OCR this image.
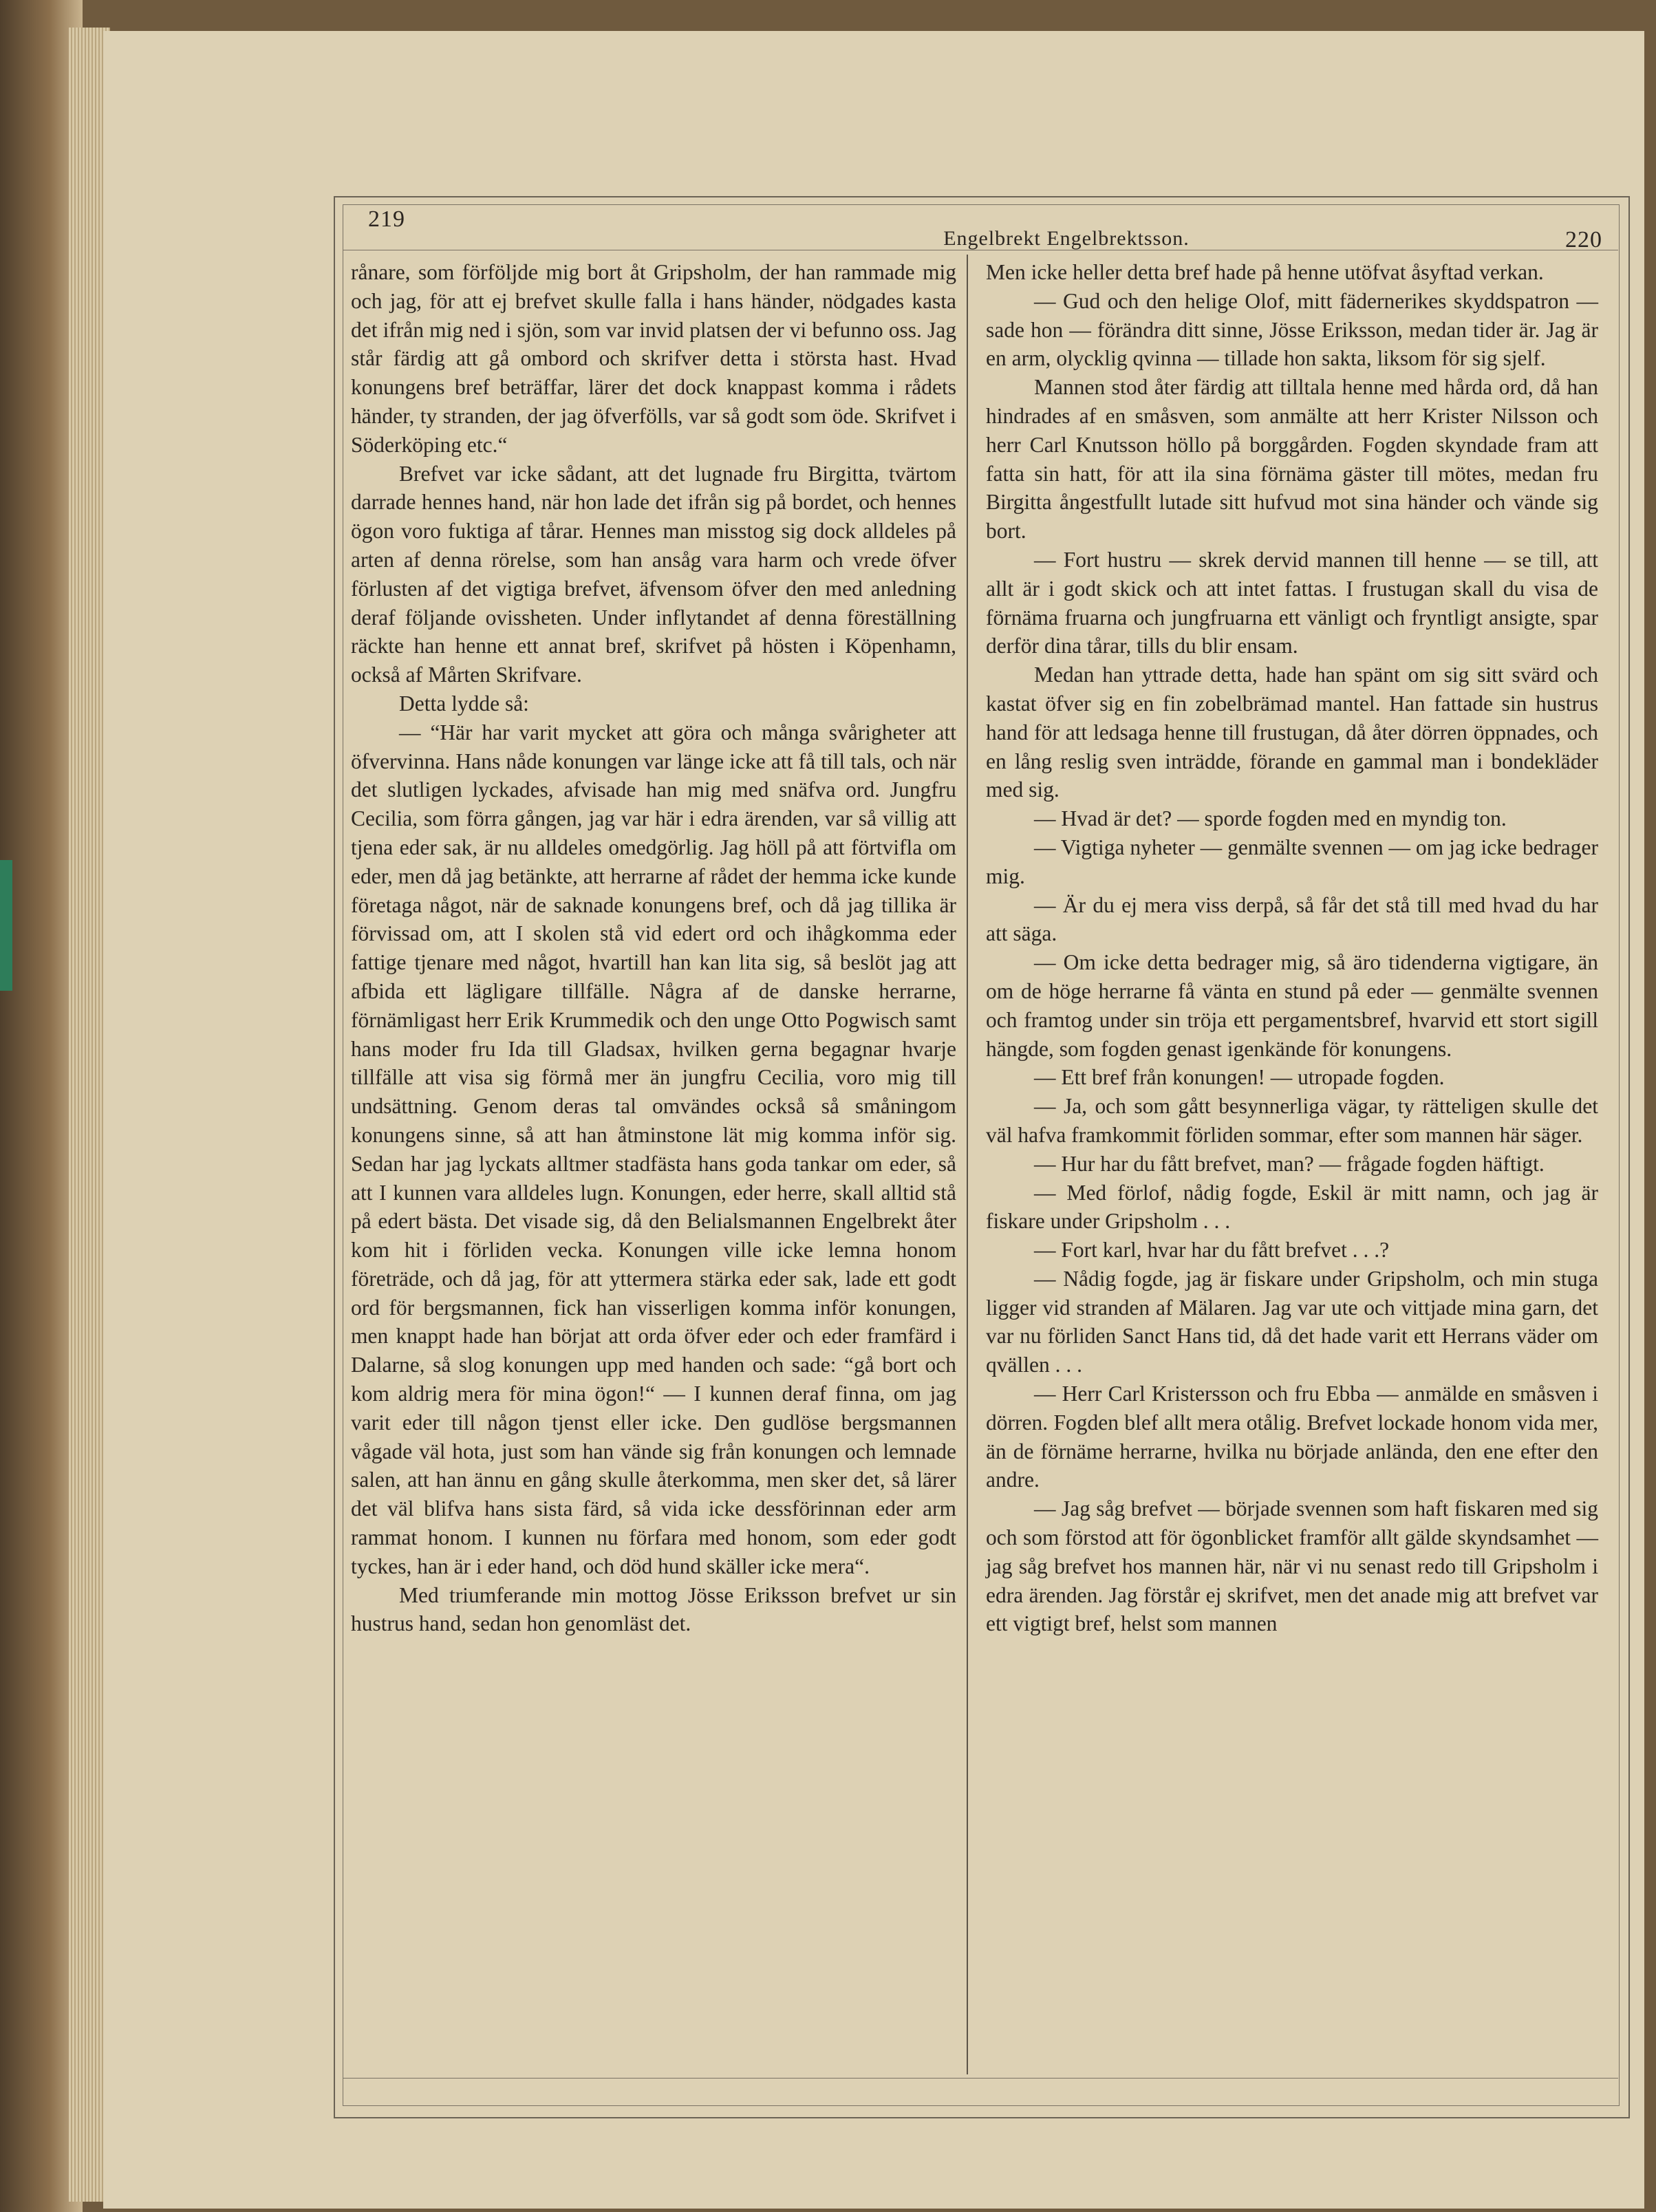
219
Engelbrekt Engelbrektsson.	220

rånare, som förföljde mig bort åt Gripsholm, der han rammade mig och jag, för att ej brefvet skulle falla i hans händer, nödgades kasta det ifrån mig ned i sjön, som var invid platsen der vi befunno oss. Jag står färdig att gå ombord och skrifver detta i största hast. Hvad konungens bref beträffar, lärer det dock knappast komma i rådets händer, ty stranden, der jag öfverfölls, var så godt som öde. Skrifvet i Söderköping etc.“

Brefvet var icke sådant, att det lugnade fru Birgitta, tvärtom darrade hennes hand, när hon lade det ifrån sig på bordet, och hennes ögon voro fuktiga af tårar. Hennes man misstog sig dock alldeles på arten af denna rörelse, som han ansåg vara harm och vrede öfver förlusten af det vigtiga brefvet, äfvensom öfver den med anledning deraf följande ovissheten. Under inflytandet af denna föreställning räckte han henne ett annat bref, skrifvet på hösten i Köpenhamn, också af Mårten Skrifvare.

Detta lydde så:

— “Här har varit mycket att göra och många svårigheter att öfvervinna. Hans nåde konungen var länge icke att få till tals, och när det slutligen lyckades, afvisade han mig med snäfva ord. Jungfru Cecilia, som förra gången, jag var här i edra ärenden, var så villig att tjena eder sak, är nu alldeles omedgörlig. Jag höll på att förtvifla om eder, men då jag betänkte, att herrarne af rådet der hemma icke kunde företaga något, när de saknade konungens bref, och då jag tillika är förvissad om, att I skolen stå vid edert ord och ihågkomma eder fattige tjenare med något, hvartill han kan lita sig, så beslöt jag att afbida ett lägligare tillfälle. Några af de danske herrarne, förnämligast herr Erik Krummedik och den unge Otto Pogwisch samt hans moder fru Ida till Gladsax, hvilken gerna begagnar hvarje tillfälle att visa sig förmå mer än jungfru Cecilia, voro mig till undsättning. Genom deras tal omvändes också så småningom konungens sinne, så att han åtminstone lät mig komma inför sig. Sedan har jag lyckats alltmer stadfästa hans goda tankar om eder, så att I kunnen vara alldeles lugn. Konungen, eder herre, skall alltid stå på edert bästa. Det visade sig, då den Belialsmannen Engelbrekt åter kom hit i förliden vecka. Konungen ville icke lemna honom företräde, och då jag, för att yttermera stärka eder sak, lade ett godt ord för bergsmannen, fick han visserligen komma inför konungen, men knappt hade han börjat att orda öfver eder och eder framfärd i Dalarne, så slog konungen upp med handen och sade: “gå bort och kom aldrig mera för mina ögon!“ — I kunnen deraf finna, om jag varit eder till någon tjenst eller icke. Den gudlöse bergsmannen vågade väl hota, just som han vände sig från konungen och lemnade salen, att han ännu en gång skulle återkomma, men sker det, så lärer det väl blifva hans sista färd, så vida icke dessförinnan eder arm rammat honom. I kunnen nu förfara med honom, som eder godt tyckes, han är i eder hand, och död hund skäller icke mera“.

Med triumferande min mottog Jösse Eriksson brefvet ur sin hustrus hand, sedan hon genomläst det.

Men icke heller detta bref hade på henne utöfvat åsyftad verkan.

— Gud och den helige Olof, mitt fädernerikes skyddspatron — sade hon — förändra ditt sinne, Jösse Eriksson, medan tider är. Jag är en arm, olycklig qvinna — tillade hon sakta, liksom för sig sjelf.

Mannen stod åter färdig att tilltala henne med hårda ord, då han hindrades af en småsven, som anmälte att herr Krister Nilsson och herr Carl Knutsson höllo på borggården. Fogden skyndade fram att fatta sin hatt, för att ila sina förnäma gäster till mötes, medan fru Birgitta ångestfullt lutade sitt hufvud mot sina händer och vände sig bort.

— Fort hustru — skrek dervid mannen till henne — se till, att allt är i godt skick och att intet fattas. I frustugan skall du visa de förnäma fruarna och jungfruarna ett vänligt och fryntligt ansigte, spar derför dina tårar, tills du blir ensam.

Medan han yttrade detta, hade han spänt om sig sitt svärd och kastat öfver sig en fin zobelbrämad mantel. Han fattade sin hustrus hand för att ledsaga henne till frustugan, då åter dörren öppnades, och en lång reslig sven inträdde, förande en gammal man i bondekläder med sig.

— Hvad är det? — sporde fogden med en myndig ton.

— Vigtiga nyheter — genmälte svennen — om jag icke bedrager mig.

— Är du ej mera viss derpå, så får det stå till med hvad du har att säga.

— Om icke detta bedrager mig, så äro tidenderna vigtigare, än om de höge herrarne få vänta en stund på eder — genmälte svennen och framtog under sin tröja ett pergamentsbref, hvarvid ett stort sigill hängde, som fogden genast igenkände för konungens.

— Ett bref från konungen! — utropade fogden.

— Ja, och som gått besynnerliga vägar, ty rätteligen skulle det väl hafva framkommit förliden sommar, efter som mannen här säger.

— Hur har du fått brefvet, man? — frågade fogden häftigt.

— Med förlof, nådig fogde, Eskil är mitt namn, och jag är fiskare under Gripsholm . . .

— Fort karl, hvar har du fått brefvet . . .?

— Nådig fogde, jag är fiskare under Gripsholm, och min stuga ligger vid stranden af Mälaren. Jag var ute och vittjade mina garn, det var nu förliden Sanct Hans tid, då det hade varit ett Herrans väder om qvällen . . .

— Herr Carl Kristersson och fru Ebba — anmälde en småsven i dörren. Fogden blef allt mera otålig. Brefvet lockade honom vida mer, än de förnäme herrarne, hvilka nu började anlända, den ene efter den andre.

— Jag såg brefvet — började svennen som haft fiskaren med sig och som förstod att för ögonblicket framför allt gälde skyndsamhet — jag såg brefvet hos mannen här, när vi nu senast redo till Gripsholm i edra ärenden. Jag förstår ej skrifvet, men det anade mig att brefvet var ett vigtigt bref, helst som mannen
